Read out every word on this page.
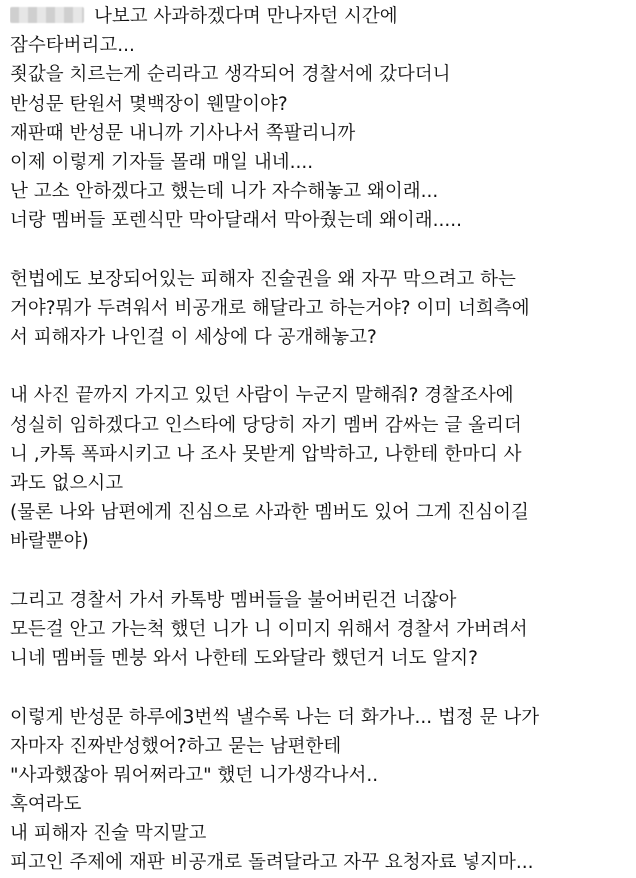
나보고 사과하겠다며 만나자던 시간에
잠수타버리고...
죗값을 치르는게 순리라고 생각되어 경찰서에 갔다더니
반성문 탄원서 몇백장이 웬말이야?
재판때 반성문 내니까 기사나서 쪽팔리니까
이제 이렇게 기자들 몰래 매일 내네....
난 고소 안하겠다고 했는데 니가 자수해놓고 왜이래...
너랑 멤버들 포렌식만 막아달래서 막아줬는데 왜이래.....
헌법에도 보장되어있는 피해자 진술권을 왜 자꾸 막으려고 하는
거야?뭐가 두려워서 비공개로 해달라고 하는거야? 이미 너희측에
서 피해자가 나인걸 이 세상에 다 공개해놓고?
내 사진 끝까지 가지고 있던 사람이 누군지 말해줘? 경찰조사에
성실히 임하겠다고 인스타에 당당히 자기 멤버 감싸는 글 올리더
니 ,카톡 폭파시키고 나 조사 못받게 압박하고, 나한테 한마디 사
과도 없으시고
(물론 나와 남편에게 진심으로 사과한 멤버도 있어 그게 진심이길
바랄뿐야)
그리고 경찰서 가서 카톡방 멤버들을 불어버린건 너잖아
모든걸 안고 가는척 했던 니가 니 이미지 위해서 경찰서 가버려서
니네 멤버들 멘붕 와서 나한테 도와달라 했던거 너도 알지?
이렇게 반성문 하루에3번씩 낼수록 나는 더 화가나... 법정 문 나가
자마자 진짜반성했어?하고 묻는 남편한테
"사과했잖아 뭐어쩌라고" 했던 니가생각나서..
혹여라도
내 피해자 진술 막지말고
피고인 주제에 재판 비공개로 돌려달라고 자꾸 요청자료 넣지마...
